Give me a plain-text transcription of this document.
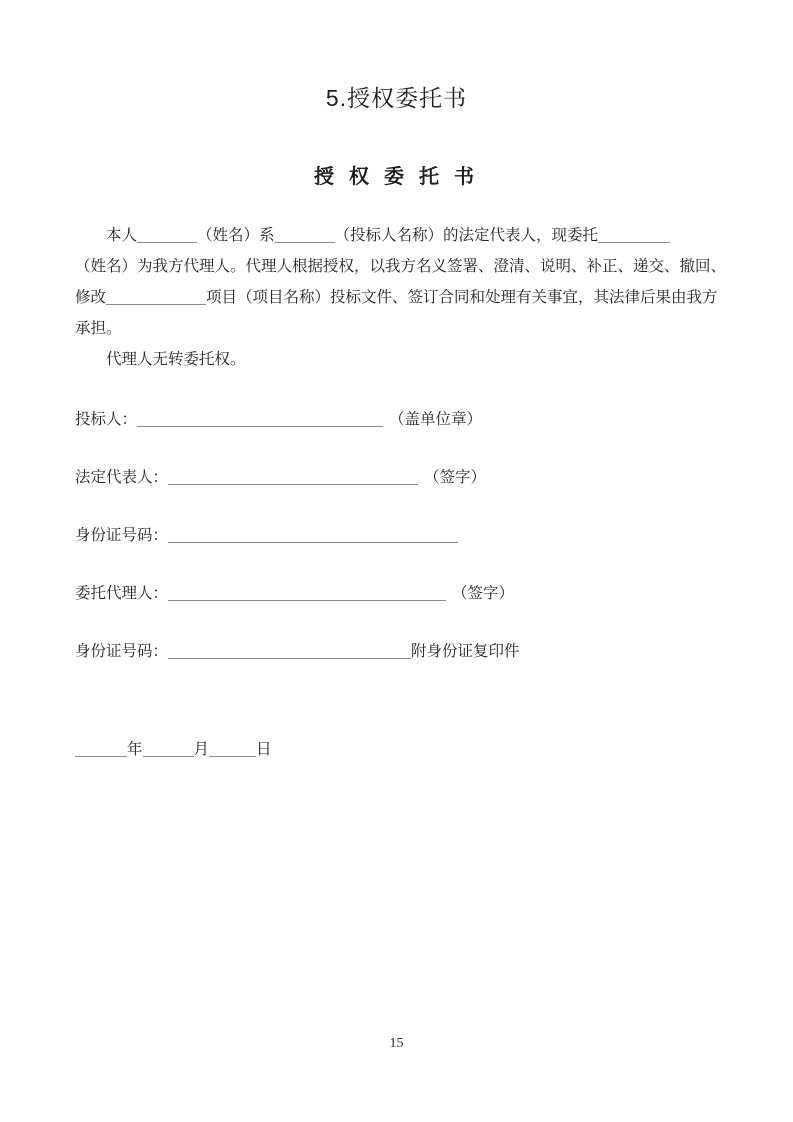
5.授权委托书
授 权 委 托 书
本人	（姓名）系	（投标人名称）的法定代表人，现委托
（姓名）为我方代理人。代理人根据授权，以我方名义签署、澄清、说明、补正、递交、撤回、
修改	项目（项目名称）投标文件、签订合同和处理有关事宜，其法律后果由我方
承担。
代理人无转委托权。
投标人：	（盖单位章）
法定代表人：	（签字）
身份证号码：
委托代理人：	（签字）
身份证号码：	附身份证复印件
年	月	日
15
